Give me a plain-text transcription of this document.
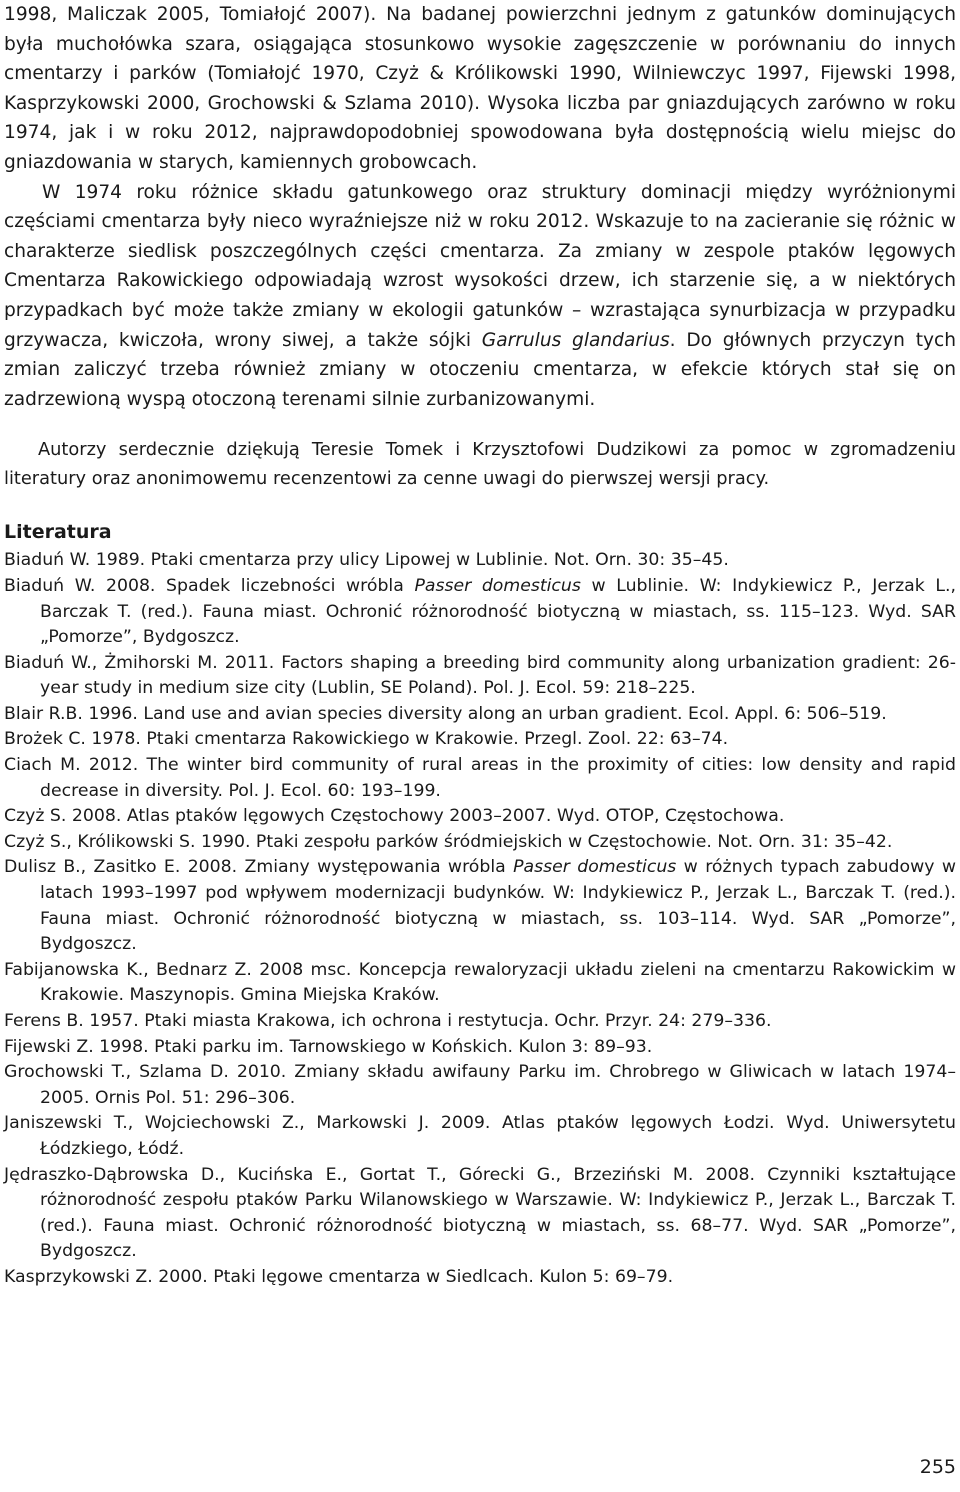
1998, Maliczak 2005, Tomiałojć 2007). Na badanej powierzchni jednym z gatunków dominujących była muchołówka szara, osiągająca stosunkowo wysokie zagęszczenie w porównaniu do innych cmentarzy i parków (Tomiałojć 1970, Czyż & Królikowski 1990, Wilniewczyc 1997, Fijewski 1998, Kasprzykowski 2000, Grochowski & Szlama 2010). Wysoka liczba par gniazdujących zarówno w roku 1974, jak i w roku 2012, najprawdopodobniej spowodowana była dostępnością wielu miejsc do gniazdowania w starych, kamiennych grobowcach.

W 1974 roku różnice składu gatunkowego oraz struktury dominacji między wyróżnionymi częściami cmentarza były nieco wyraźniejsze niż w roku 2012. Wskazuje to na zacieranie się różnic w charakterze siedlisk poszczególnych części cmentarza. Za zmiany w zespole ptaków lęgowych Cmentarza Rakowickiego odpowiadają wzrost wysokości drzew, ich starzenie się, a w niektórych przypadkach być może także zmiany w ekologii gatunków – wzrastająca synurbizacja w przypadku grzywacza, kwiczoła, wrony siwej, a także sójki Garrulus glandarius. Do głównych przyczyn tych zmian zaliczyć trzeba również zmiany w otoczeniu cmentarza, w efekcie których stał się on zadrzewioną wyspą otoczoną terenami silnie zurbanizowanymi.

Autorzy serdecznie dziękują Teresie Tomek i Krzysztofowi Dudzikowi za pomoc w zgromadzeniu literatury oraz anonimowemu recenzentowi za cenne uwagi do pierwszej wersji pracy.

Literatura
Biaduń W. 1989. Ptaki cmentarza przy ulicy Lipowej w Lublinie. Not. Orn. 30: 35–45.
Biaduń W. 2008. Spadek liczebności wróbla Passer domesticus w Lublinie. W: Indykiewicz P., Jerzak L., Barczak T. (red.). Fauna miast. Ochronić różnorodność biotyczną w miastach, ss. 115–123. Wyd. SAR „Pomorze”, Bydgoszcz.
Biaduń W., Żmihorski M. 2011. Factors shaping a breeding bird community along urbanization gradient: 26-year study in medium size city (Lublin, SE Poland). Pol. J. Ecol. 59: 218–225.
Blair R.B. 1996. Land use and avian species diversity along an urban gradient. Ecol. Appl. 6: 506–519.
Brożek C. 1978. Ptaki cmentarza Rakowickiego w Krakowie. Przegl. Zool. 22: 63–74.
Ciach M. 2012. The winter bird community of rural areas in the proximity of cities: low density and rapid decrease in diversity. Pol. J. Ecol. 60: 193–199.
Czyż S. 2008. Atlas ptaków lęgowych Częstochowy 2003–2007. Wyd. OTOP, Częstochowa.
Czyż S., Królikowski S. 1990. Ptaki zespołu parków śródmiejskich w Częstochowie. Not. Orn. 31: 35–42.
Dulisz B., Zasitko E. 2008. Zmiany występowania wróbla Passer domesticus w różnych typach zabudowy w latach 1993–1997 pod wpływem modernizacji budynków. W: Indykiewicz P., Jerzak L., Barczak T. (red.). Fauna miast. Ochronić różnorodność biotyczną w miastach, ss. 103–114. Wyd. SAR „Pomorze”, Bydgoszcz.
Fabijanowska K., Bednarz Z. 2008 msc. Koncepcja rewaloryzacji układu zieleni na cmentarzu Rakowickim w Krakowie. Maszynopis. Gmina Miejska Kraków.
Ferens B. 1957. Ptaki miasta Krakowa, ich ochrona i restytucja. Ochr. Przyr. 24: 279–336.
Fijewski Z. 1998. Ptaki parku im. Tarnowskiego w Końskich. Kulon 3: 89–93.
Grochowski T., Szlama D. 2010. Zmiany składu awifauny Parku im. Chrobrego w Gliwicach w latach 1974–2005. Ornis Pol. 51: 296–306.
Janiszewski T., Wojciechowski Z., Markowski J. 2009. Atlas ptaków lęgowych Łodzi. Wyd. Uniwersytetu Łódzkiego, Łódź.
Jędraszko-Dąbrowska D., Kucińska E., Gortat T., Górecki G., Brzeziński M. 2008. Czynniki kształtujące różnorodność zespołu ptaków Parku Wilanowskiego w Warszawie. W: Indykiewicz P., Jerzak L., Barczak T. (red.). Fauna miast. Ochronić różnorodność biotyczną w miastach, ss. 68–77. Wyd. SAR „Pomorze”, Bydgoszcz.
Kasprzykowski Z. 2000. Ptaki lęgowe cmentarza w Siedlcach. Kulon 5: 69–79.
255
